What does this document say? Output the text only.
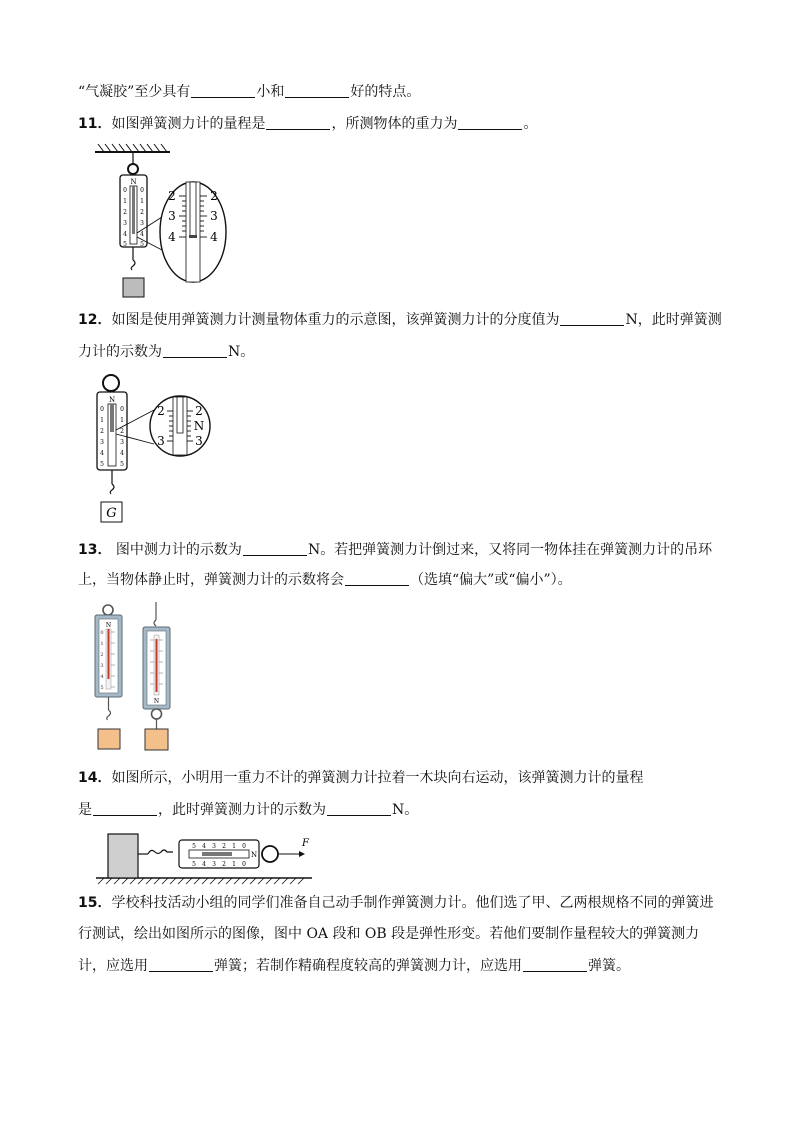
“气凝胶”至少具有	小和	好的特点。
11．如图弹簧测力计的量程是	，所测物体的重力为	。
N
0
1
2
3
4
5
0
1
2
3
4
5
2
3
4
2
3
4
12．如图是使用弹簧测力计测量物体重力的示意图，该弹簧测力计的分度值为	N，此时弹簧测
力计的示数为	N。
N
0
1
2
3
4
5
0
1
2
3
4
5
2
3
2
N
3
G
13． 图中测力计的示数为	N。若把弹簧测力计倒过来，又将同一物体挂在弹簧测力计的吊环
上，当物体静止时，弹簧测力计的示数将会	（选填“偏大”或“偏小”）。
N
0
1
2
3
4
5
N
14．如图所示，小明用一重力不计的弹簧测力计拉着一木块向右运动，该弹簧测力计的量程
是	，此时弹簧测力计的示数为	N。
5 4 3 2 1 0
5 4 3 2 1 0
N
F
15．学校科技活动小组的同学们准备自己动手制作弹簧测力计。他们选了甲、乙两根规格不同的弹簧进
行测试，绘出如图所示的图像，图中 OA 段和 OB 段是弹性形变。若他们要制作量程较大的弹簧测力
计，应选用	弹簧；若制作精确程度较高的弹簧测力计，应选用	弹簧。
